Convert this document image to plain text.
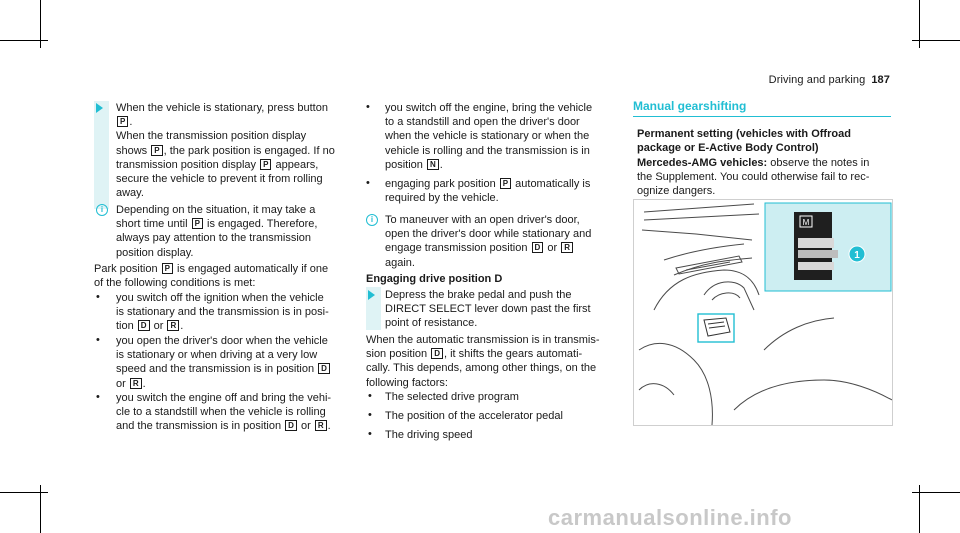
Driving and parking 187
When the vehicle is stationary, press button
P .
When the transmission position display
shows P , the park position is engaged. If no
transmission position display P appears,
secure the vehicle to prevent it from rolling
away.
i	Depending on the situation, it may take a
short time until P is engaged. Therefore,
always pay attention to the transmission
position display.
Park position P is engaged automatically if one
of the following conditions is met:
• you switch off the ignition when the vehicle
is stationary and the transmission is in posi-
tion D or R .
• you open the driver's door when the vehicle
is stationary or when driving at a very low
speed and the transmission is in position D
or R .
• you switch the engine off and bring the vehi-
cle to a standstill when the vehicle is rolling
and the transmission is in position D or R .
• you switch off the engine, bring the vehicle
to a standstill and open the driver's door
when the vehicle is stationary or when the
vehicle is rolling and the transmission is in
position N .
• engaging park position P automatically is
required by the vehicle.
i	To maneuver with an open driver's door,
open the driver's door while stationary and
engage transmission position D or R
again.
Engaging drive position D
Depress the brake pedal and push the
DIRECT SELECT lever down past the first
point of resistance.
When the automatic transmission is in transmis-
sion position D , it shifts the gears automati-
cally. This depends, among other things, on the
following factors:
• The selected drive program
• The position of the accelerator pedal
• The driving speed
Manual gearshifting
Permanent setting (vehicles with Offroad
package or E-Active Body Control)
Mercedes-AMG vehicles: observe the notes in
the Supplement. You could otherwise fail to rec-
ognize dangers.
M
1
carmanualsonline.info
